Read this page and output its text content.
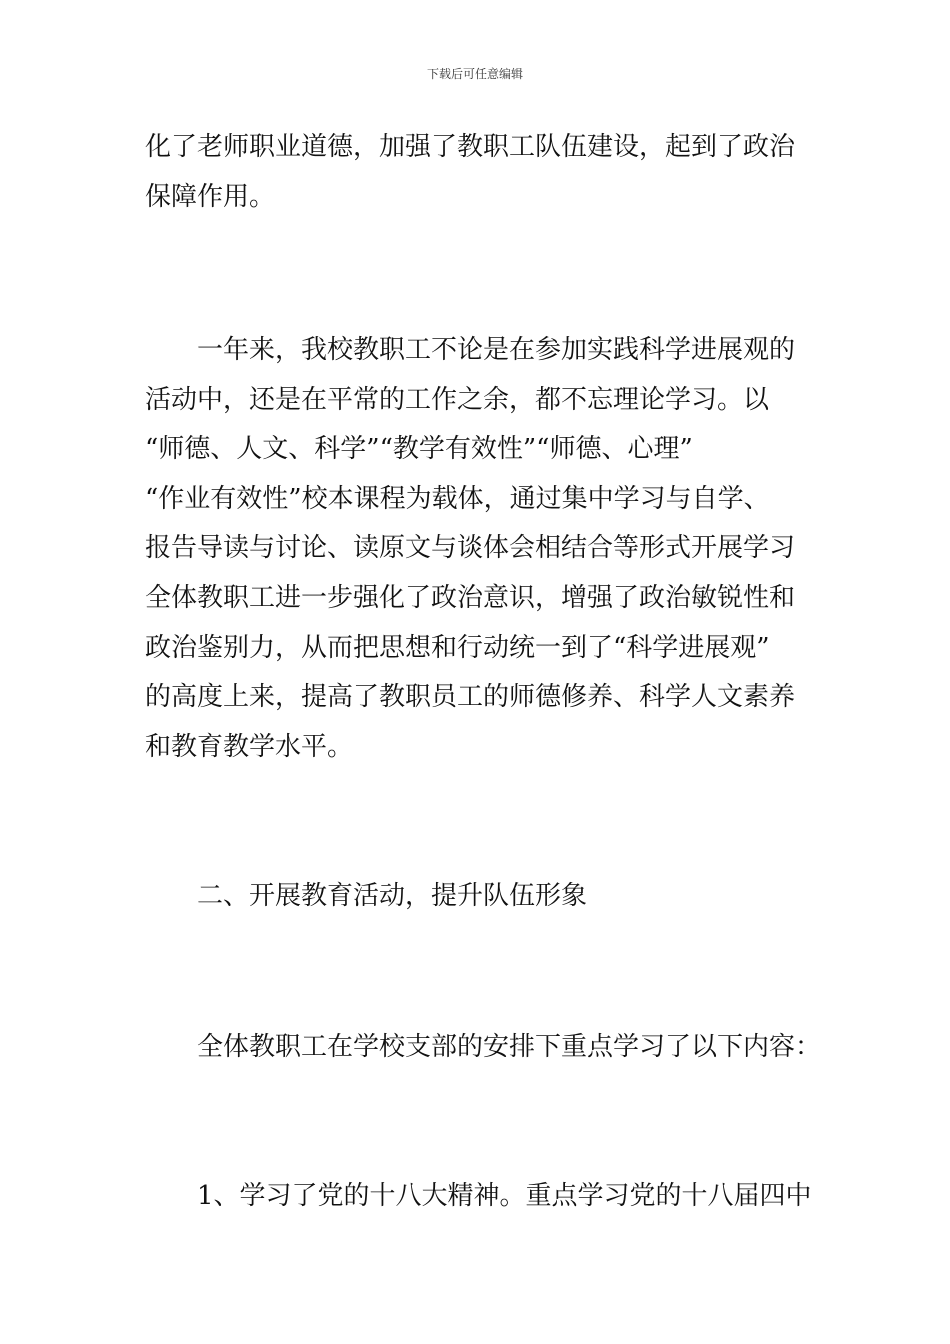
下载后可任意编辑
化了老师职业道德，加强了教职工队伍建设，起到了政治
保障作用。
　　一年来，我校教职工不论是在参加实践科学进展观的
活动中，还是在平常的工作之余，都不忘理论学习。以
“师德、人文、科学”“教学有效性”“师德、心理”
“作业有效性”校本课程为载体，通过集中学习与自学、
报告导读与讨论、读原文与谈体会相结合等形式开展学习
全体教职工进一步强化了政治意识，增强了政治敏锐性和
政治鉴别力，从而把思想和行动统一到了“科学进展观”
的高度上来，提高了教职员工的师德修养、科学人文素养
和教育教学水平。
　　二、开展教育活动，提升队伍形象
　　全体教职工在学校支部的安排下重点学习了以下内容：
　　1、学习了党的十八大精神。重点学习党的十八届四中
